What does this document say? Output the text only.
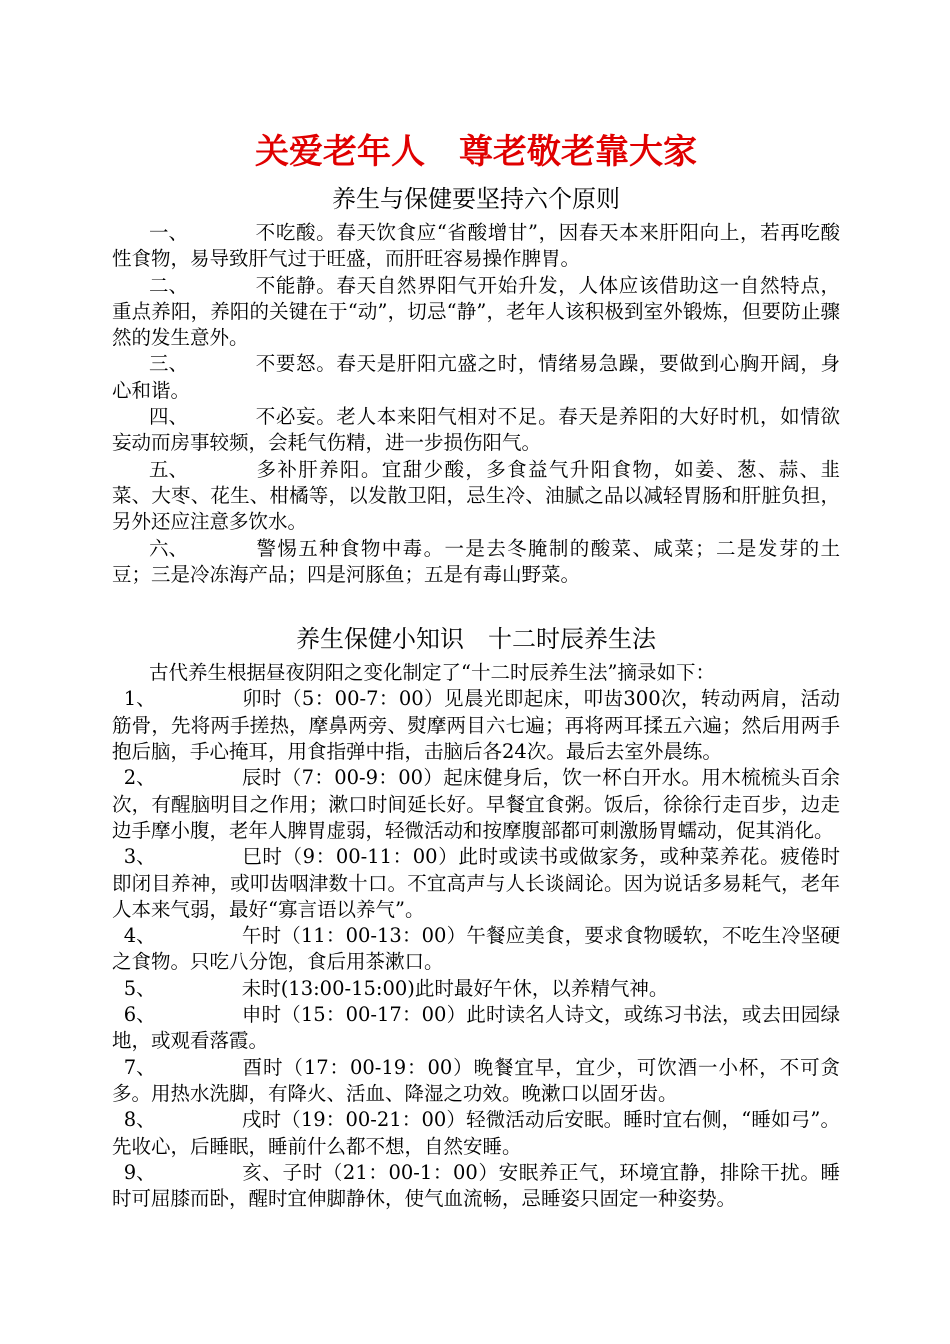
关爱老年人　尊老敬老靠大家
养生与保健要坚持六个原则

一、	不吃酸。春天饮食应“省酸增甘”，因春天本来肝阳向上，若再吃酸性食物，易导致肝气过于旺盛，而肝旺容易操作脾胃。

二、	不能静。春天自然界阳气开始升发，人体应该借助这一自然特点，重点养阳，养阳的关键在于“动”，切忌“静”，老年人该积极到室外锻炼，但要防止骤然的发生意外。

三、	不要怒。春天是肝阳亢盛之时，情绪易急躁，要做到心胸开阔，身心和谐。

四、	不必妄。老人本来阳气相对不足。春天是养阳的大好时机，如情欲妄动而房事较频，会耗气伤精，进一步损伤阳气。

五、	多补肝养阳。宜甜少酸，多食益气升阳食物，如姜、葱、蒜、韭菜、大枣、花生、柑橘等，以发散卫阳，忌生冷、油腻之品以减轻胃肠和肝脏负担，另外还应注意多饮水。

六、	警惕五种食物中毒。一是去冬腌制的酸菜、咸菜；二是发芽的土豆；三是冷冻海产品；四是河豚鱼；五是有毒山野菜。

养生保健小知识　十二时辰养生法

古代养生根据昼夜阴阳之变化制定了“十二时辰养生法”摘录如下：

1、	卯时（5：00-7：00）见晨光即起床，叩齿300次，转动两肩，活动筋骨，先将两手搓热，摩鼻两旁、熨摩两目六七遍；再将两耳揉五六遍；然后用两手抱后脑，手心掩耳，用食指弹中指，击脑后各24次。最后去室外晨练。

2、	辰时（7：00-9：00）起床健身后，饮一杯白开水。用木梳梳头百余次，有醒脑明目之作用；漱口时间延长好。早餐宜食粥。饭后，徐徐行走百步，边走边手摩小腹，老年人脾胃虚弱，轻微活动和按摩腹部都可刺激肠胃蠕动，促其消化。

3、	巳时（9：00-11：00）此时或读书或做家务，或种菜养花。疲倦时即闭目养神，或叩齿咽津数十口。不宜高声与人长谈阔论。因为说话多易耗气，老年人本来气弱，最好“寡言语以养气”。

4、	午时（11：00-13：00）午餐应美食，要求食物暖软，不吃生冷坚硬之食物。只吃八分饱，食后用茶漱口。

5、	未时(13:00-15:00)此时最好午休，以养精气神。

6、	申时（15：00-17：00）此时读名人诗文，或练习书法，或去田园绿地，或观看落霞。

7、	酉时（17：00-19：00）晚餐宜早，宜少，可饮酒一小杯，不可贪多。用热水洗脚，有降火、活血、降湿之功效。晚漱口以固牙齿。

8、	戌时（19：00-21：00）轻微活动后安眠。睡时宜右侧，“睡如弓”。先收心，后睡眠，睡前什么都不想，自然安睡。

9、	亥、子时（21：00-1：00）安眠养正气，环境宜静，排除干扰。睡时可屈膝而卧，醒时宜伸脚静休，使气血流畅，忌睡姿只固定一种姿势。
